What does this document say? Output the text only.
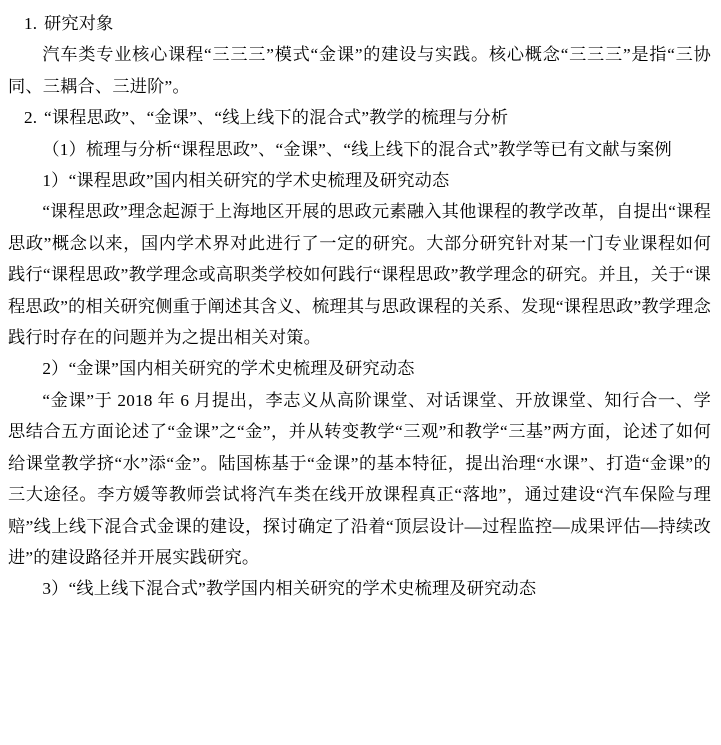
1. 研究对象
汽车类专业核心课程“三三三”模式“金课”的建设与实践。核心概念“三三三”是指“三协同、三耦合、三进阶”。
2. “课程思政”、“金课”、“线上线下的混合式”教学的梳理与分析
（1）梳理与分析“课程思政”、“金课”、“线上线下的混合式”教学等已有文献与案例
1）“课程思政”国内相关研究的学术史梳理及研究动态
“课程思政”理念起源于上海地区开展的思政元素融入其他课程的教学改革，自提出“课程思政”概念以来，国内学术界对此进行了一定的研究。大部分研究针对某一门专业课程如何践行“课程思政”教学理念或高职类学校如何践行“课程思政”教学理念的研究。并且，关于“课程思政”的相关研究侧重于阐述其含义、梳理其与思政课程的关系、发现“课程思政”教学理念践行时存在的问题并为之提出相关对策。
2）“金课”国内相关研究的学术史梳理及研究动态
“金课”于 2018 年 6 月提出，李志义从高阶课堂、对话课堂、开放课堂、知行合一、学思结合五方面论述了“金课”之“金”，并从转变教学“三观”和教学“三基”两方面，论述了如何给课堂教学挤“水”添“金”。陆国栋基于“金课”的基本特征，提出治理“水课”、打造“金课”的三大途径。李方媛等教师尝试将汽车类在线开放课程真正“落地”，通过建设“汽车保险与理赔”线上线下混合式金课的建设，探讨确定了沿着“顶层设计—过程监控—成果评估—持续改进”的建设路径并开展实践研究。
3）“线上线下混合式”教学国内相关研究的学术史梳理及研究动态
